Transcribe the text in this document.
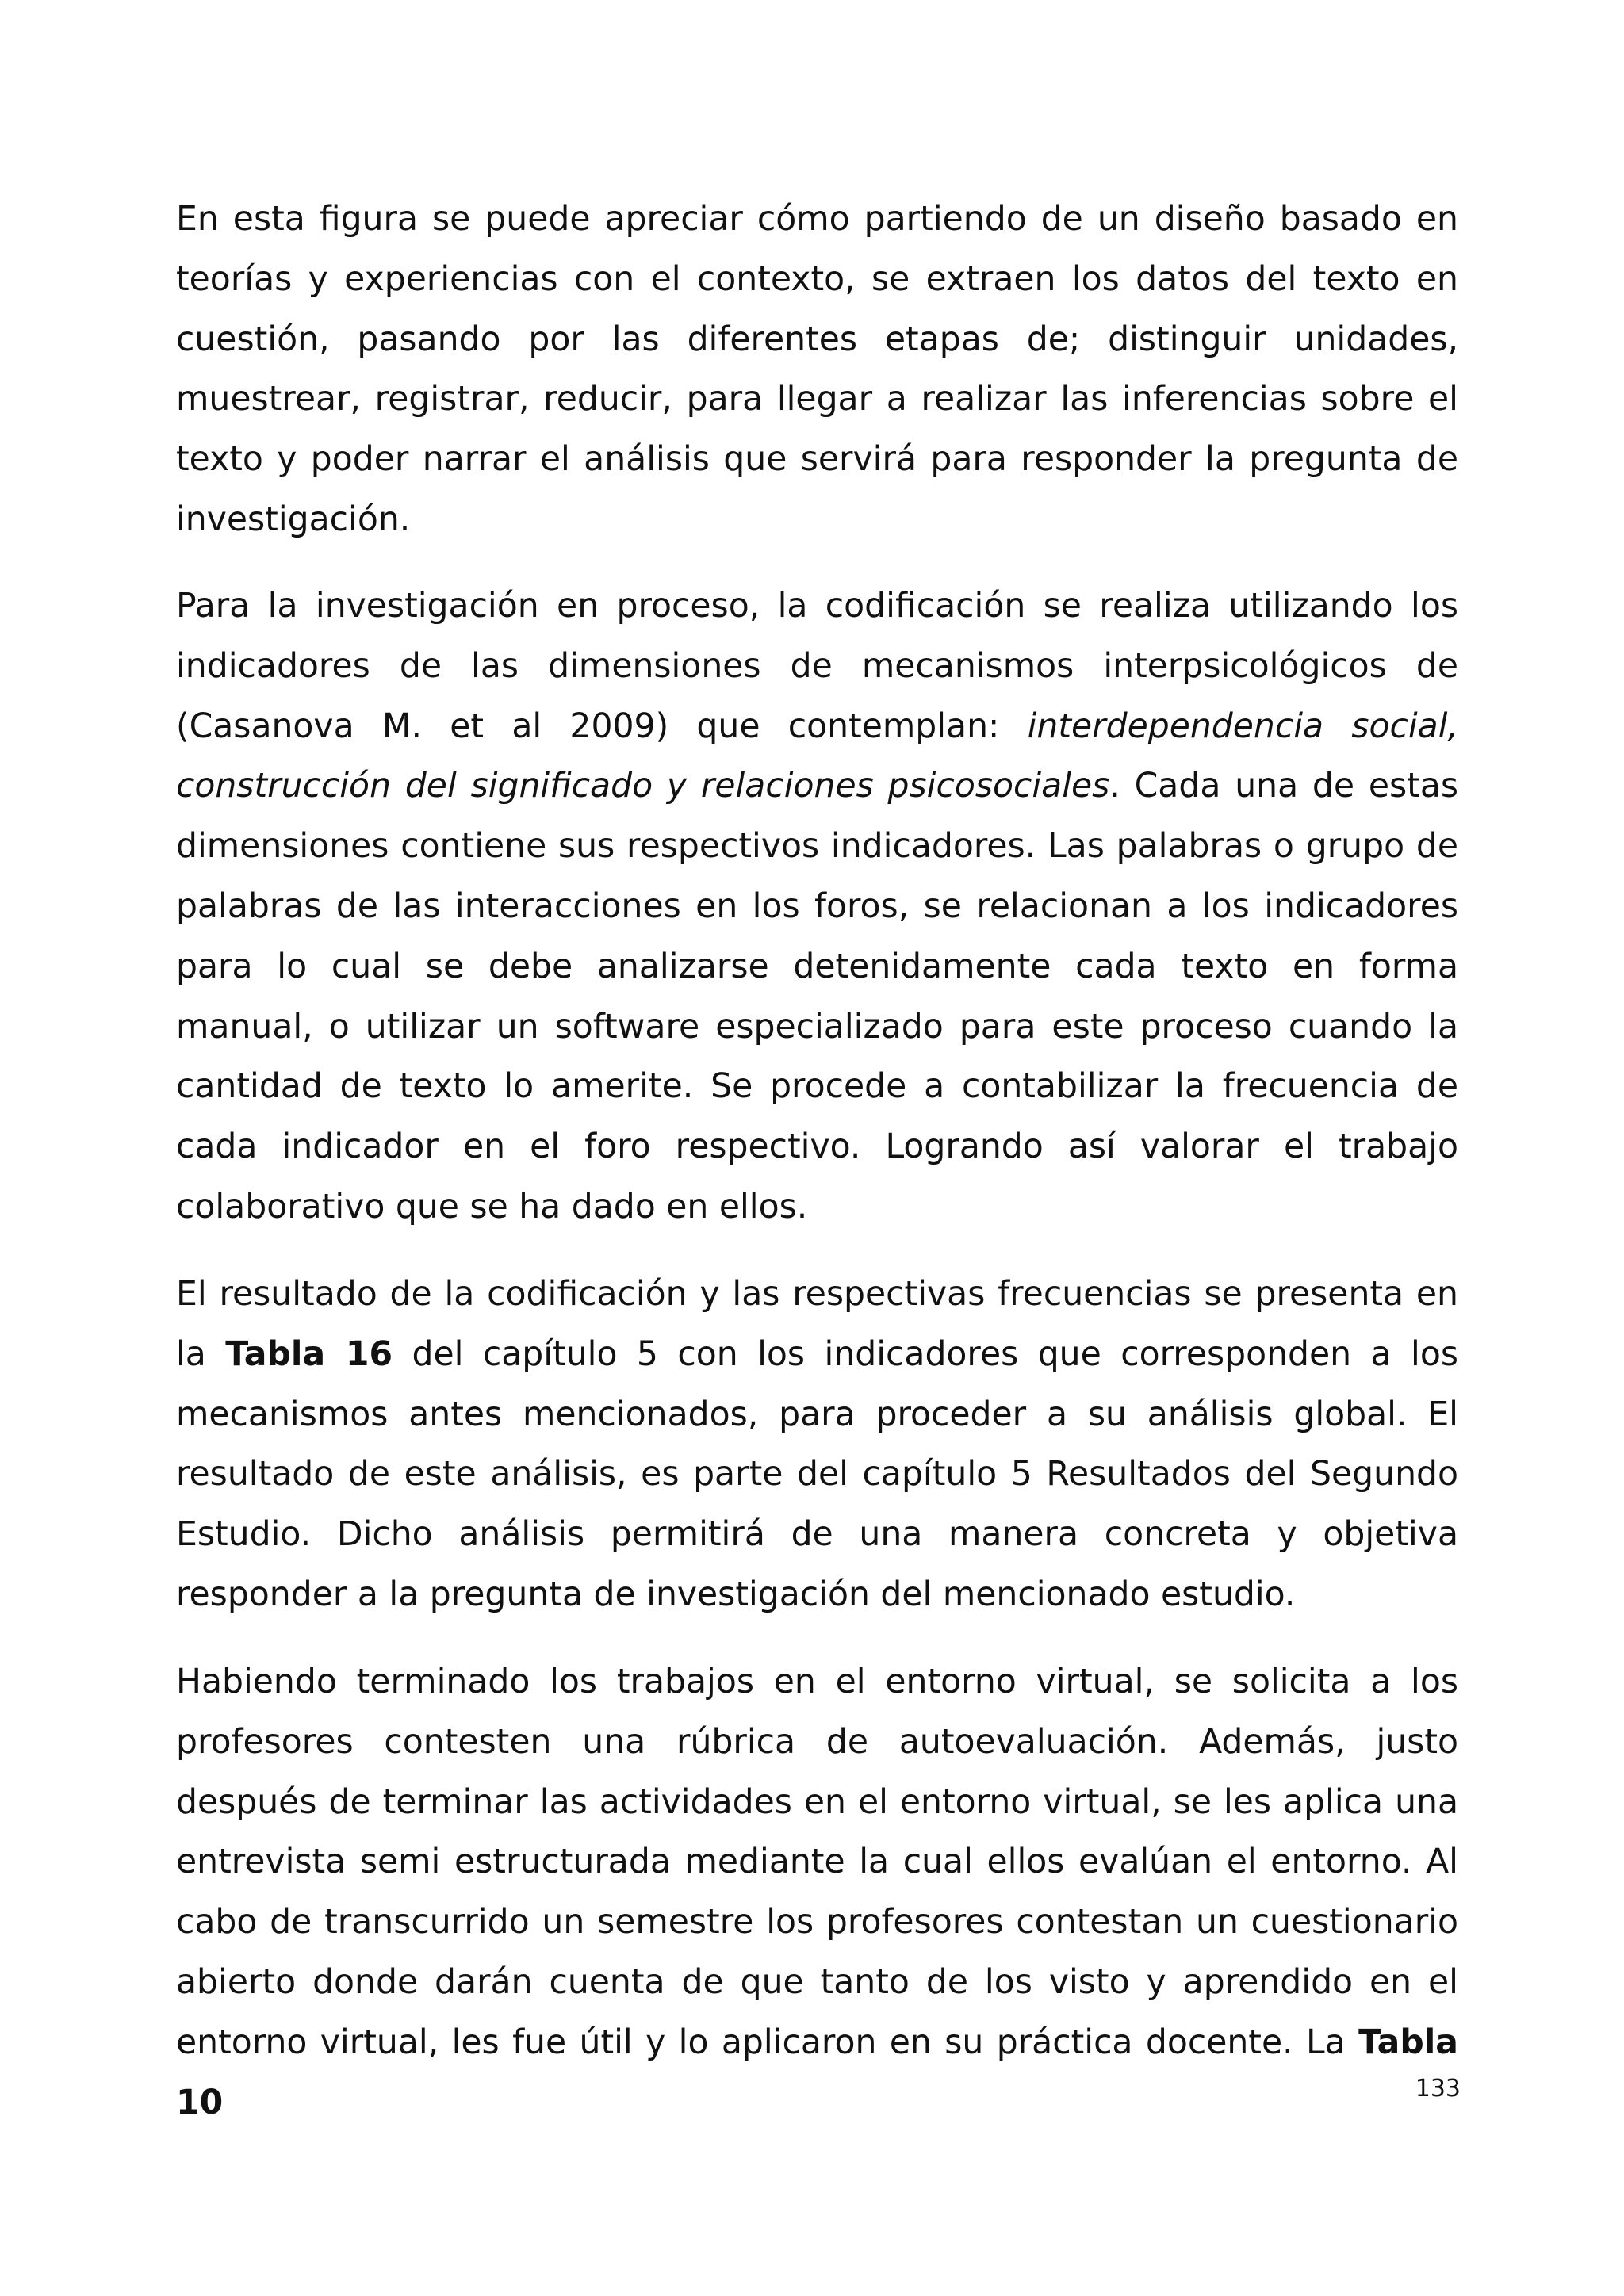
En esta figura se puede apreciar cómo partiendo de un diseño basado en teorías y experiencias con el contexto, se extraen los datos del texto en cuestión, pasando por las diferentes etapas de; distinguir unidades, muestrear, registrar, reducir, para llegar a realizar las inferencias sobre el texto y poder narrar el análisis que servirá para responder la pregunta de investigación.

Para la investigación en proceso, la codificación se realiza utilizando los indicadores de las dimensiones de mecanismos interpsicológicos de (Casanova M. et al 2009) que contemplan: interdependencia social, construcción del significado y relaciones psicosociales. Cada una de estas dimensiones contiene sus respectivos indicadores. Las palabras o grupo de palabras de las interacciones en los foros, se relacionan a los indicadores para lo cual se debe analizarse detenidamente cada texto en forma manual, o utilizar un software especializado para este proceso cuando la cantidad de texto lo amerite. Se procede a contabilizar la frecuencia de cada indicador en el foro respectivo. Logrando así valorar el trabajo colaborativo que se ha dado en ellos.

El resultado de la codificación y las respectivas frecuencias se presenta en la Tabla 16 del capítulo 5 con los indicadores que corresponden a los mecanismos antes mencionados, para proceder a su análisis global. El resultado de este análisis, es parte del capítulo 5 Resultados del Segundo Estudio. Dicho análisis permitirá de una manera concreta y objetiva responder a la pregunta de investigación del mencionado estudio.

Habiendo terminado los trabajos en el entorno virtual, se solicita a los profesores contesten una rúbrica de autoevaluación. Además, justo después de terminar las actividades en el entorno virtual, se les aplica una entrevista semi estructurada mediante la cual ellos evalúan el entorno. Al cabo de transcurrido un semestre los profesores contestan un cuestionario abierto donde darán cuenta de que tanto de los visto y aprendido en el entorno virtual, les fue útil y lo aplicaron en su práctica docente. La Tabla 10	133
